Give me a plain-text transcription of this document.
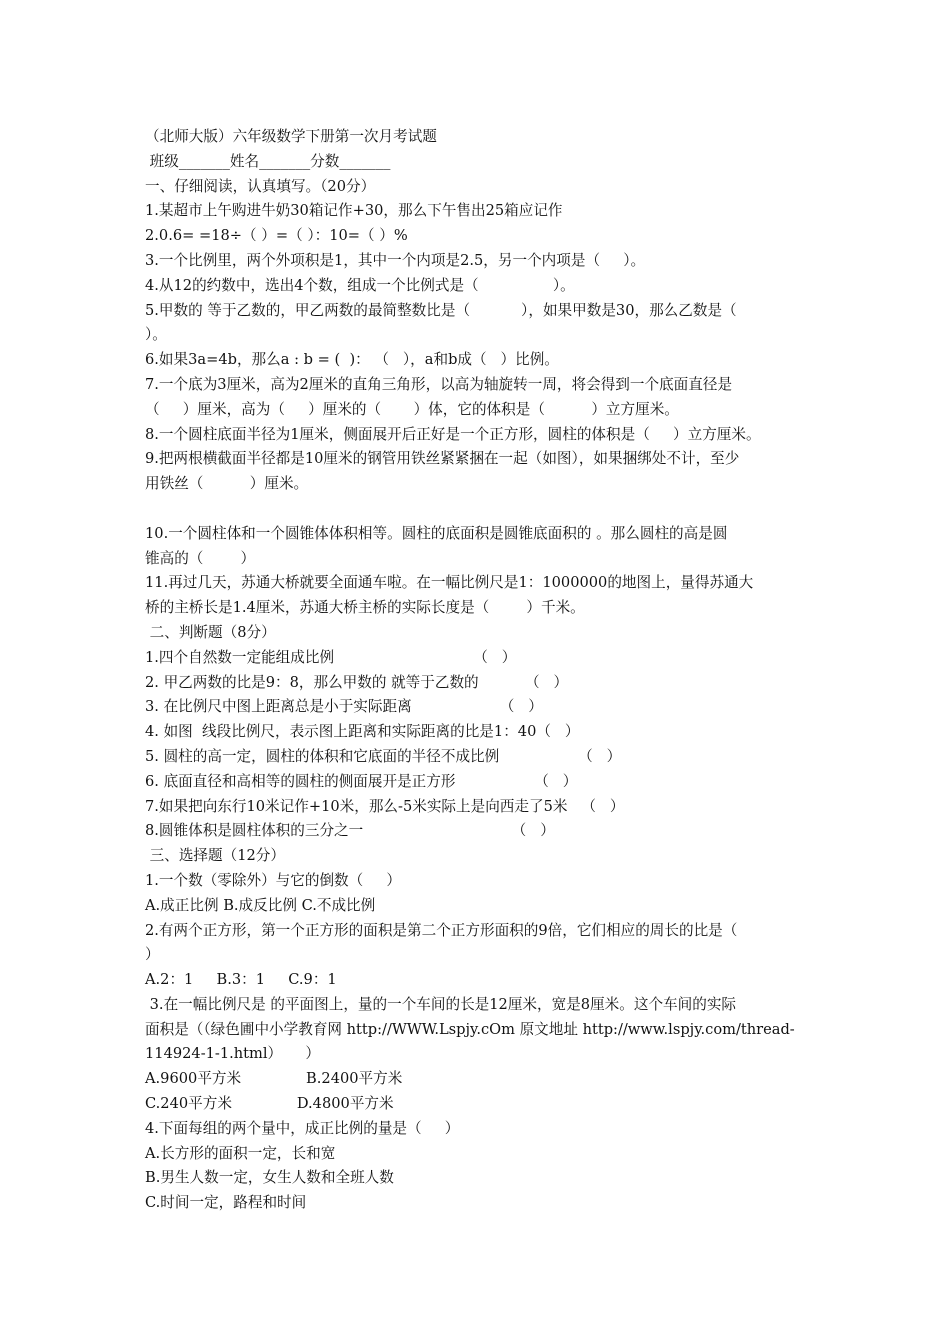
（北师大版）六年级数学下册第一次月考试题

班级_______姓名_______分数_______

一、仔细阅读，认真填写。（20分）

1.某超市上午购进牛奶30箱记作+30，那么下午售出25箱应记作

2.0.6= =18÷（ ）=（ ）：10=（ ）%

3.一个比例里，两个外项积是1，其中一个内项是2.5，另一个内项是（     ）。

4.从12的约数中，选出4个数，组成一个比例式是（                ）。

5.甲数的 等于乙数的，甲乙两数的最简整数比是（           ），如果甲数是30，那么乙数是（

）。

6.如果3a=4b，那么a : b = (  )： （   ），a和b成（   ）比例。

7.一个底为3厘米，高为2厘米的直角三角形，以高为轴旋转一周，将会得到一个底面直径是

（     ）厘米，高为（     ）厘米的（       ）体，它的体积是（          ）立方厘米。

8.一个圆柱底面半径为1厘米，侧面展开后正好是一个正方形，圆柱的体积是（     ）立方厘米。

9.把两根横截面半径都是10厘米的钢管用铁丝紧紧捆在一起（如图），如果捆绑处不计，至少

用铁丝（          ）厘米。

10.一个圆柱体和一个圆锥体体积相等。圆柱的底面积是圆锥底面积的 。那么圆柱的高是圆

锥高的（        ）

11.再过几天，苏通大桥就要全面通车啦。在一幅比例尺是1：1000000的地图上，量得苏通大

桥的主桥长是1.4厘米，苏通大桥主桥的实际长度是（        ）千米。

二、判断题（8分）

1.四个自然数一定能组成比例                              （   ）

2. 甲乙两数的比是9：8，那么甲数的 就等于乙数的          （   ）

3. 在比例尺中图上距离总是小于实际距离                   （   ）

4. 如图  线段比例尺，表示图上距离和实际距离的比是1：40（   ）

5. 圆柱的高一定，圆柱的体积和它底面的半径不成比例                 （   ）

6. 底面直径和高相等的圆柱的侧面展开是正方形                 （   ）

7.如果把向东行10米记作+10米，那么-5米实际上是向西走了5米   （   ）

8.圆锥体积是圆柱体积的三分之一                                （   ）

三、选择题（12分）

1.一个数（零除外）与它的倒数（     ）

A.成正比例 B.成反比例 C.不成比例

2.有两个正方形，第一个正方形的面积是第二个正方形面积的9倍，它们相应的周长的比是（

）

A.2：1     B.3：1     C.9：1

3.在一幅比例尺是 的平面图上，量的一个车间的长是12厘米，宽是8厘米。这个车间的实际

面积是（（绿色圃中小学教育网 http://WWW.Lspjy.cOm 原文地址 http://www.lspjy.com/thread-

114924-1-1.html）     ）

A.9600平方米              B.2400平方米

C.240平方米              D.4800平方米

4.下面每组的两个量中，成正比例的量是（     ）

A.长方形的面积一定，长和宽

B.男生人数一定，女生人数和全班人数

C.时间一定，路程和时间
